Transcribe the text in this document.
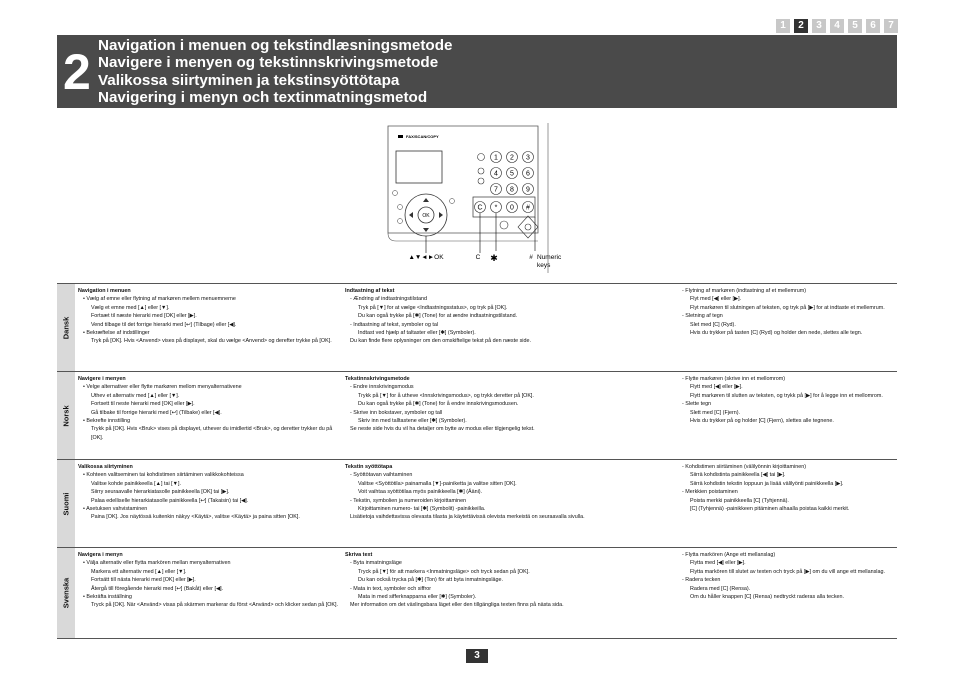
1	2	3	4	5	6	7
2 Navigation i menuen og tekstindlæsningsmetode
Navigere i menyen og tekstinnskrivingsmetode
Valikossa siirtyminen ja tekstinsyöttötapa
Navigering i menyn och textinmatningsmetod
FAX/SCAN/COPY
OK
1 2 3
4 5 6
7 8 9
C * 0 #
▲▼◄►OK	C ✱	# Numeric
keys
Dansk
Navigation i menuen
• Vælg af emne eller flytning af markøren mellem menuemnerne
Vælg et emne med [▲] eller [▼].
Fortsæt til næste hierarki med [OK] eller [▶].
Vend tilbage til det forrige hierarki med [↩] (Tilbage) eller [◀].
• Bekræftelse af indstillinger
Tryk på [OK]. Hvis <Anvend> vises på displayet, skal du vælge <Anvend> og derefter trykke på [OK].
Indtastning af tekst
- Ændring af indtastningstilstand
Tryk på [▼] for at vælge <Indtastningsstatus>, og tryk på [OK].
Du kan også trykke på [✱] (Tone) for at ændre indtastningstilstand.
- Indtastning af tekst, symboler og tal
Indtast ved hjælp af taltaster eller [✱] (Symboler).
Du kan finde flere oplysninger om den omskiftelige tekst på den næste side.
- Flytning af markøren (indtastning af et mellemrum)
Flyt med [◀] eller [▶].
Flyt markøren til slutningen af teksten, og tryk på [▶] for at indtaste et mellemrum.
- Sletning af tegn
Slet med [C] (Ryd).
Hvis du trykker på tasten [C] (Ryd) og holder den nede, slettes alle tegn.
Norsk
Navigere i menyen
• Velge alternativer eller flytte markøren mellom menyalternativene
Uthev et alternativ med [▲] eller [▼].
Fortsett til neste hierarki med [OK] eller [▶].
Gå tilbake til forrige hierarki med [↩] (Tilbake) eller [◀].
• Bekrefte innstilling
Trykk på [OK]. Hvis <Bruk> vises på displayet, uthever du imidlertid <Bruk>, og deretter trykker du på [OK].
Tekstinnskrivingsmetode
- Endre innskrivingsmodus
Trykk på [▼] for å utheve <Innskrivingsmodus>, og trykk deretter på [OK].
Du kan også trykke på [✱] (Tone) for å endre innskrivingsmodusen.
- Skrive inn bokstaver, symboler og tall
Skriv inn med talltastene eller [✱] (Symboler).
Se neste side hvis du vil ha detaljer om bytte av modus eller tilgjengelig tekst.
- Flytte markøren (skrive inn et mellomrom)
Flytt med [◀] eller [▶].
Flytt markøren til slutten av teksten, og trykk på [▶] for å legge inn et mellomrom.
- Slette tegn
Slett med [C] (Fjern).
Hvis du trykker på og holder [C] (Fjern), slettes alle tegnene.
Suomi
Valikossa siirtyminen
• Kohteen valitseminen tai kohdistimen siirtäminen valikkokohteissa
Valitse kohde painikkeella [▲] tai [▼].
Siirry seuraavalle hierarkiatasolle painikkeella [OK] tai [▶].
Palaa edelliselle hierarkiatasolle painikkeella [↩] (Takaisin) tai [◀].
• Asetuksen vahvistaminen
Paina [OK]. Jos näytössä kuitenkin näkyy <Käytä>, valitse <Käytä> ja paina sitten [OK].
Tekstin syöttötapa
- Syöttötavan vaihtaminen
Valitse <Syöttötila> painamalla [▼]-painiketta ja valitse sitten [OK].
Voit vaihtaa syöttötilaa myös painikkeella [✱] (Ääni).
- Tekstin, symbolien ja numeroiden kirjoittaminen
Kirjoittaminen numero- tai [✱] (Symbolit) -painikkeilla.
Lisätietoja vaihdettavissa olevasta tilasta ja käytettävissä olevista merkeistä on seuraavalla sivulla.
- Kohdistimen siirtäminen (välilyönnin kirjoittaminen)
Siirrä kohdistinta painikkeella [◀] tai [▶].
Siirrä kohdistin tekstin loppuun ja lisää välilyönti painikkeella [▶].
- Merkkien poistaminen
Poista merkki painikkeella [C] (Tyhjennä).
[C] (Tyhjennä) -painikkeen pitäminen alhaalla poistaa kaikki merkit.
Svenska
Navigera i menyn
• Välja alternativ eller flytta markören mellan menyalternativen
Markera ett alternativ med [▲] eller [▼].
Fortsätt till nästa hierarki med [OK] eller [▶].
Återgå till föregående hierarki med [↩] (Bakåt) eller [◀].
• Bekräfta inställning
Tryck på [OK]. När <Använd> visas på skärmen markerar du först <Använd> och klicker sedan på [OK].
Skriva text
- Byta inmatningsläge
Tryck på [▼] för att markera <Inmatningsläge> och tryck sedan på [OK].
Du kan också trycka på [✱] (Ton) för att byta inmatningsläge.
- Mata in text, symboler och siffror
Mata in med sifferknapparna eller [✱] (Symboler).
Mer information om det växlingsbara läget eller den tillgängliga texten finns på nästa sida.
- Flytta markören (Ange ett mellanslag)
Flytta med [◀] eller [▶].
Flytta markören till slutet av texten och tryck på [▶] om du vill ange ett mellanslag.
- Radera tecken
Radera med [C] (Rensa).
Om du håller knappen [C] (Rensa) nedtryckt raderas alla tecken.
3
